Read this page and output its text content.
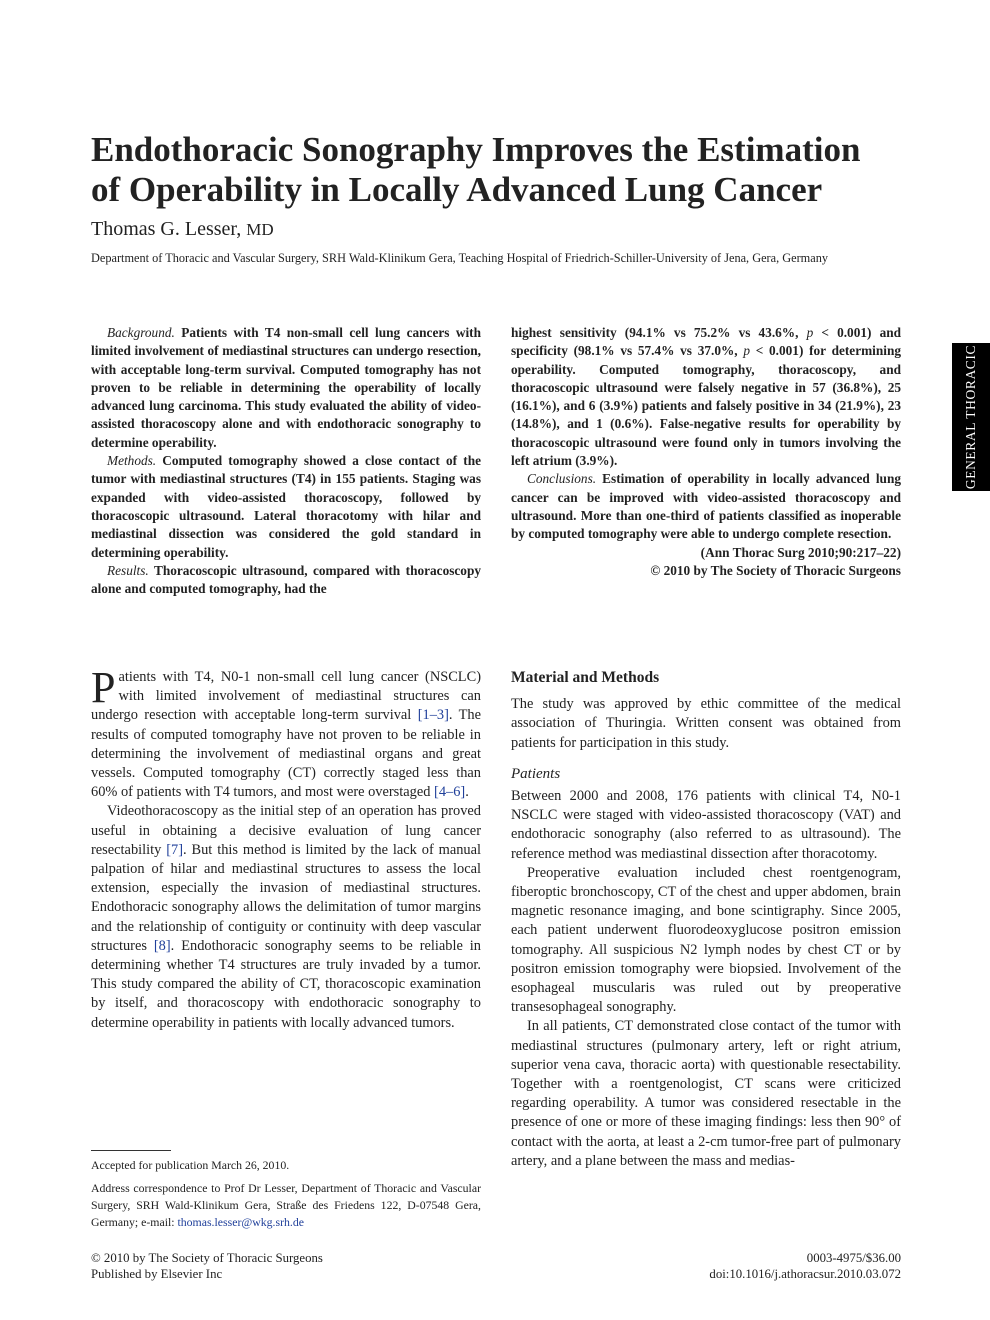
Endothoracic Sonography Improves the Estimation
of Operability in Locally Advanced Lung Cancer
Thomas G. Lesser, MD
Department of Thoracic and Vascular Surgery, SRH Wald-Klinikum Gera, Teaching Hospital of Friedrich-Schiller-University of Jena, Gera, Germany
GENERAL THORACIC

Background. Patients with T4 non-small cell lung cancers with limited involvement of mediastinal structures can undergo resection, with acceptable long-term survival. Computed tomography has not proven to be reliable in determining the operability of locally advanced lung carcinoma. This study evaluated the ability of video-assisted thoracoscopy alone and with endothoracic sonography to determine operability.

Methods. Computed tomography showed a close contact of the tumor with mediastinal structures (T4) in 155 patients. Staging was expanded with video-assisted thoracoscopy, followed by thoracoscopic ultrasound. Lateral thoracotomy with hilar and mediastinal dissection was considered the gold standard in determining operability.

Results. Thoracoscopic ultrasound, compared with thoracoscopy alone and computed tomography, had the

highest sensitivity (94.1% vs 75.2% vs 43.6%, p < 0.001) and specificity (98.1% vs 57.4% vs 37.0%, p < 0.001) for determining operability. Computed tomography, thoracoscopy, and thoracoscopic ultrasound were falsely negative in 57 (36.8%), 25 (16.1%), and 6 (3.9%) patients and falsely positive in 34 (21.9%), 23 (14.8%), and 1 (0.6%). False-negative results for operability by thoracoscopic ultrasound were found only in tumors involving the left atrium (3.9%).

Conclusions. Estimation of operability in locally advanced lung cancer can be improved with video-assisted thoracoscopy and ultrasound. More than one-third of patients classified as inoperable by computed tomography were able to undergo complete resection.

(Ann Thorac Surg 2010;90:217–22)

© 2010 by The Society of Thoracic Surgeons

Patients with T4, N0-1 non-small cell lung cancer (NSCLC) with limited involvement of mediastinal structures can undergo resection with acceptable long-term survival [1–3]. The results of computed tomography have not proven to be reliable in determining the involvement of mediastinal organs and great vessels. Computed tomography (CT) correctly staged less than 60% of patients with T4 tumors, and most were overstaged [4–6].

Videothoracoscopy as the initial step of an operation has proved useful in obtaining a decisive evaluation of lung cancer resectability [7]. But this method is limited by the lack of manual palpation of hilar and mediastinal structures to assess the local extension, especially the invasion of mediastinal structures. Endothoracic sonography allows the delimitation of tumor margins and the relationship of contiguity or continuity with deep vascular structures [8]. Endothoracic sonography seems to be reliable in determining whether T4 structures are truly invaded by a tumor. This study compared the ability of CT, thoracoscopic examination by itself, and thoracoscopy with endothoracic sonography to determine operability in patients with locally advanced tumors.

Material and Methods

The study was approved by ethic committee of the medical association of Thuringia. Written consent was obtained from patients for participation in this study.

Patients

Between 2000 and 2008, 176 patients with clinical T4, N0-1 NSCLC were staged with video-assisted thoracoscopy (VAT) and endothoracic sonography (also referred to as ultrasound). The reference method was mediastinal dissection after thoracotomy.

Preoperative evaluation included chest roentgenogram, fiberoptic bronchoscopy, CT of the chest and upper abdomen, brain magnetic resonance imaging, and bone scintigraphy. Since 2005, each patient underwent fluorodeoxyglucose positron emission tomography. All suspicious N2 lymph nodes by chest CT or by positron emission tomography were biopsied. Involvement of the esophageal muscularis was ruled out by preoperative transesophageal sonography.

In all patients, CT demonstrated close contact of the tumor with mediastinal structures (pulmonary artery, left or right atrium, superior vena cava, thoracic aorta) with questionable resectability. Together with a roentgenologist, CT scans were criticized regarding operability. A tumor was considered resectable in the presence of one or more of these imaging findings: less then 90° of contact with the aorta, at least a 2-cm tumor-free part of pulmonary artery, and a plane between the mass and medias-

Accepted for publication March 26, 2010.
Address correspondence to Prof Dr Lesser, Department of Thoracic and Vascular Surgery, SRH Wald-Klinikum Gera, Straße des Friedens 122, D-07548 Gera, Germany; e-mail: thomas.lesser@wkg.srh.de
© 2010 by The Society of Thoracic Surgeons
Published by Elsevier Inc
0003-4975/$36.00
doi:10.1016/j.athoracsur.2010.03.072
